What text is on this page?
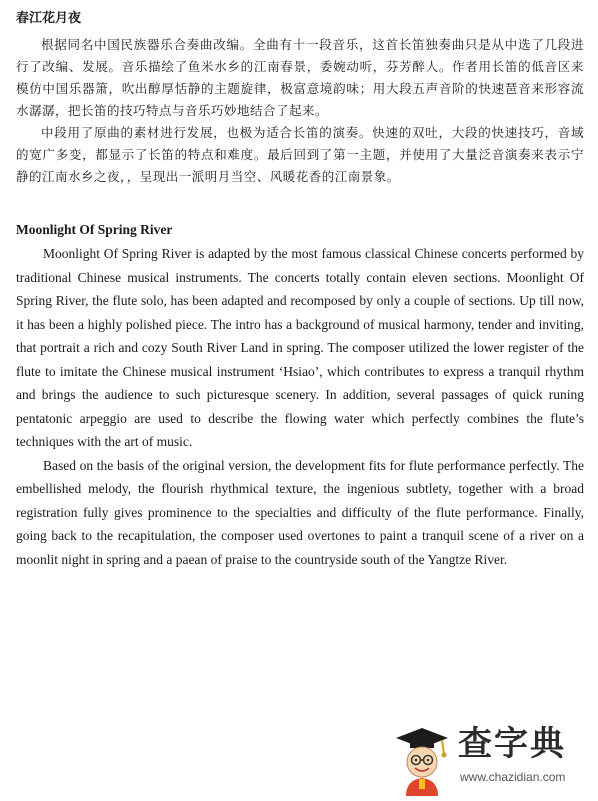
春江花月夜

根据同名中国民族器乐合奏曲改编。全曲有十一段音乐，这首长笛独奏曲只是从中选了几段进行了改编、发展。音乐描绘了鱼米水乡的江南春景，委婉动听，芬芳醉人。作者用长笛的低音区来模仿中国乐器箫，吹出醇厚恬静的主题旋律，极富意境韵味；用大段五声音阶的快速琶音来形容流水潺潺，把长笛的技巧特点与音乐巧妙地结合了起来。

中段用了原曲的素材进行发展，也极为适合长笛的演奏。快速的双吐，大段的快速技巧，音域的宽广多变，都显示了长笛的特点和难度。最后回到了第一主题，并使用了大量泛音演奏来表示宁静的江南水乡之夜，，呈现出一派明月当空、风暖花香的江南景象。

Moonlight Of Spring River

Moonlight Of Spring River is adapted by the most famous classical Chinese concerts performed by traditional Chinese musical instruments. The concerts totally contain eleven sections. Moonlight Of Spring River, the flute solo, has been adapted and recomposed by only a couple of sections. Up till now, it has been a highly polished piece. The intro has a background of musical harmony, tender and inviting, that portrait a rich and cozy South River Land in spring. The composer utilized the lower register of the flute to imitate the Chinese musical instrument ‘Hsiao’, which contributes to express a tranquil rhythm and brings the audience to such picturesque scenery. In addition, several passages of quick runing pentatonic arpeggio are used to describe the flowing water which perfectly combines the flute’s techniques with the art of music.

Based on the basis of the original version, the development fits for flute performance perfectly. The embellished melody, the flourish rhythmical texture, the ingenious subtlety, together with a broad registration fully gives prominence to the specialties and difficulty of the flute performance. Finally, going back to the recapitulation, the composer used overtones to paint a tranquil scene of a river on a moonlit night in spring and a paean of praise to the countryside south of the Yangtze River.

查字典
www.chazidian.com
